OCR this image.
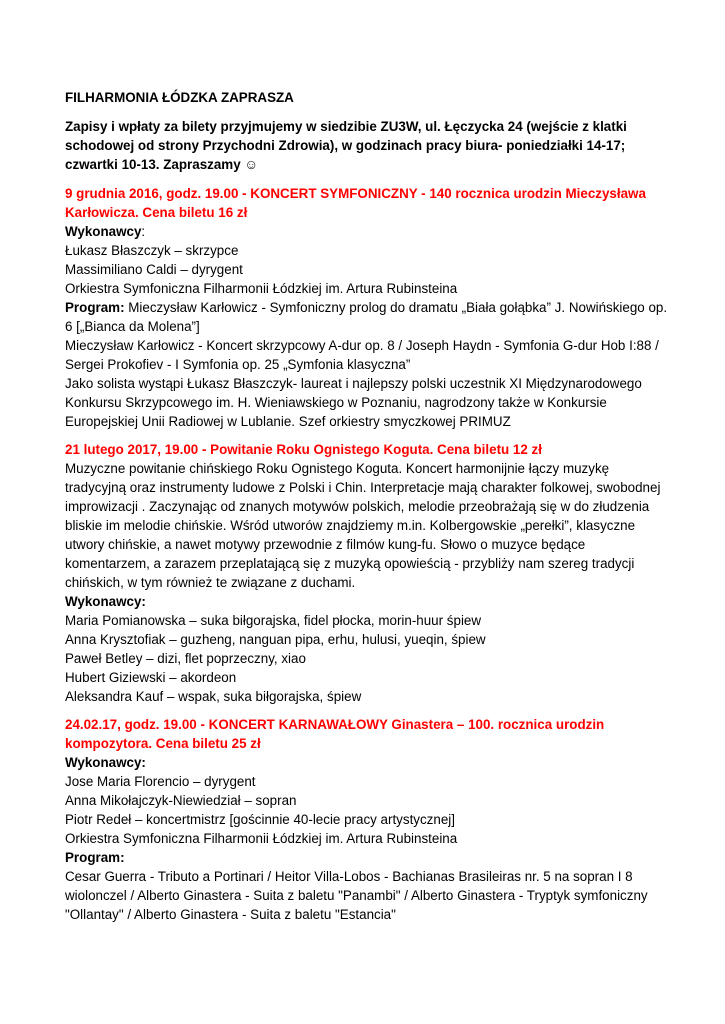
FILHARMONIA ŁÓDZKA ZAPRASZA

Zapisy i wpłaty za bilety przyjmujemy w siedzibie ZU3W, ul. Łęczycka 24 (wejście z klatki schodowej od strony Przychodni Zdrowia), w godzinach pracy biura- poniedziałki 14-17; czwartki 10-13. Zapraszamy ☺

9 grudnia 2016, godz. 19.00 - KONCERT SYMFONICZNY - 140 rocznica urodzin Mieczysława Karłowicza. Cena biletu 16 zł

Wykonawcy:

Łukasz Błaszczyk – skrzypce

Massimiliano Caldi – dyrygent

Orkiestra Symfoniczna Filharmonii Łódzkiej im. Artura Rubinsteina

Program: Mieczysław Karłowicz - Symfoniczny prolog do dramatu „Biała gołąbka” J. Nowińskiego op. 6 [„Bianca da Molena”]

Mieczysław Karłowicz - Koncert skrzypcowy A-dur op. 8 / Joseph Haydn - Symfonia G-dur Hob I:88 / Sergei Prokofiev - I Symfonia op. 25 „Symfonia klasyczna”

Jako solista wystąpi Łukasz Błaszczyk- laureat i najlepszy polski uczestnik XI Międzynarodowego Konkursu Skrzypcowego im. H. Wieniawskiego w Poznaniu, nagrodzony także w Konkursie Europejskiej Unii Radiowej w Lublanie. Szef orkiestry smyczkowej PRIMUZ

21 lutego 2017, 19.00 - Powitanie Roku Ognistego Koguta. Cena biletu 12 zł

Muzyczne powitanie chińskiego Roku Ognistego Koguta. Koncert harmonijnie łączy muzykę tradycyjną oraz instrumenty ludowe z Polski i Chin. Interpretacje mają charakter folkowej, swobodnej improwizacji . Zaczynając od znanych motywów polskich, melodie przeobrażają się w do złudzenia bliskie im melodie chińskie. Wśród utworów znajdziemy m.in. Kolbergowskie „perełki”, klasyczne utwory chińskie, a nawet motywy przewodnie z filmów kung-fu. Słowo o muzyce będące komentarzem, a zarazem przeplatającą się z muzyką opowieścią - przybliży nam szereg tradycji chińskich, w tym również te związane z duchami.

Wykonawcy:

Maria Pomianowska – suka biłgorajska, fidel płocka, morin-huur śpiew

Anna Krysztofiak – guzheng, nanguan pipa, erhu, hulusi, yueqin, śpiew

Paweł Betley – dizi, flet poprzeczny, xiao

Hubert Giziewski – akordeon

Aleksandra Kauf – wspak, suka biłgorajska, śpiew

24.02.17, godz. 19.00 - KONCERT KARNAWAŁOWY Ginastera – 100. rocznica urodzin kompozytora. Cena biletu 25 zł

Wykonawcy:

Jose Maria Florencio – dyrygent

Anna Mikołajczyk-Niewiedział – sopran

Piotr Redeł – koncertmistrz [gościnnie 40-lecie pracy artystycznej]

Orkiestra Symfoniczna Filharmonii Łódzkiej im. Artura Rubinsteina

Program:

Cesar Guerra - Tributo a Portinari / Heitor Villa-Lobos - Bachianas Brasileiras nr. 5 na sopran I 8 wiolonczel / Alberto Ginastera - Suita z baletu "Panambi" / Alberto Ginastera - Tryptyk symfoniczny "Ollantay" / Alberto Ginastera - Suita z baletu "Estancia"
